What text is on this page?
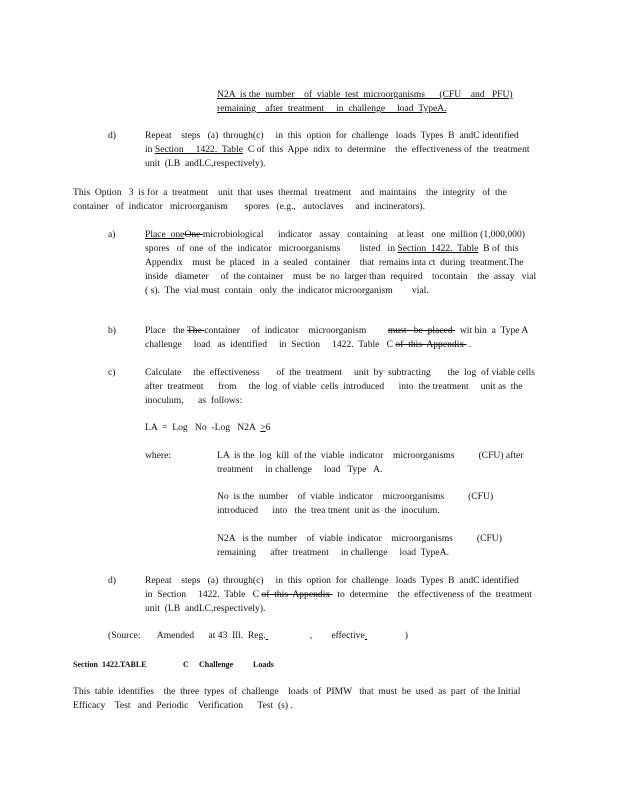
N2A  is the  number    of  viable  test  microorganisms      (CFU    and   PFU)

remaining    after  treatment     in  challenge     load  TypeA.

d)	Repeat    steps   (a)  through(c)     in  this  option  for  challenge   loads  Types  B  andC identified    in Section     1422.  Table  C of  this  Appe  ndix  to  determine    the  effectiveness of  the  treatment    unit  (LB  andLC,respectively).
This  Option   3  is for  a  treatment    unit  that  uses  thermal   treatment    and  maintains    the  integrity   of  the container   of  indicator   microorganism       spores   (e.g.,   autoclaves     and  incinerators).
a)	Place  oneOne microbiological      indicator   assay   containing    at least   one  million (1,000,000)     spores   of  one  of  the  indicator   microorganisms        listed   in Section  1422.  Table  B of  this  Appendix    must  be  placed   in  a  sealed   container    that  remains inta ct  during  treatment.The       inside   diameter     of  the container    must  be  no  larger than  required    tocontain    the  assay   vial ( s).  The  vial must  contain   only  the  indicator microorganism        vial.
b)	Place   the The container     of  indicator    microorganism         must   be  placed   wit hin  a  Type A  challenge     load   as  identified     in  Section     1422.  Table   C of  this  Appendix  .
c)	Calculate     the  effectiveness       of  the  treatment     unit  by  subtracting       the  log  of viable cells  after  treatment      from     the  log  of viable  cells  introduced      into  the treatment     unit as  the  inoculum,      as  follows:
LA  =  Log   No  -Log   N2A  ≥6
where:	LA  is the  log  kill  of the  viable  indicator    microorganisms          (CFU) after   treatment     in challenge     load   Type   A.
No  is the  number    of  viable  indicator    microorganisms          (CFU) introduced      into   the  trea tment  unit as  the  inoculum.
N2A   is the  number    of  viable  indicator    microorganisms          (CFU) remaining      after  treatment     in challenge     load  TypeA.
d)	Repeat    steps   (a)  through(c)     in  this  option  for  challenge   loads  Types  B  andC identified    in  Section     1422.  Table   C of  this  Appendix   to  determine    the  effectiveness of  the  treatment    unit  (LB  andLC,respectively).
(Source:       Amended      at 43  Ill.  Reg.	,        effective	)
Section 1422.TABLE	C Challenge Loads
This  table  identifies    the  three  types  of  challenge    loads  of  PIMW   that  must  be  used  as  part  of  the Initial   Efficacy    Test   and  Periodic    Verification      Test  (s) .
